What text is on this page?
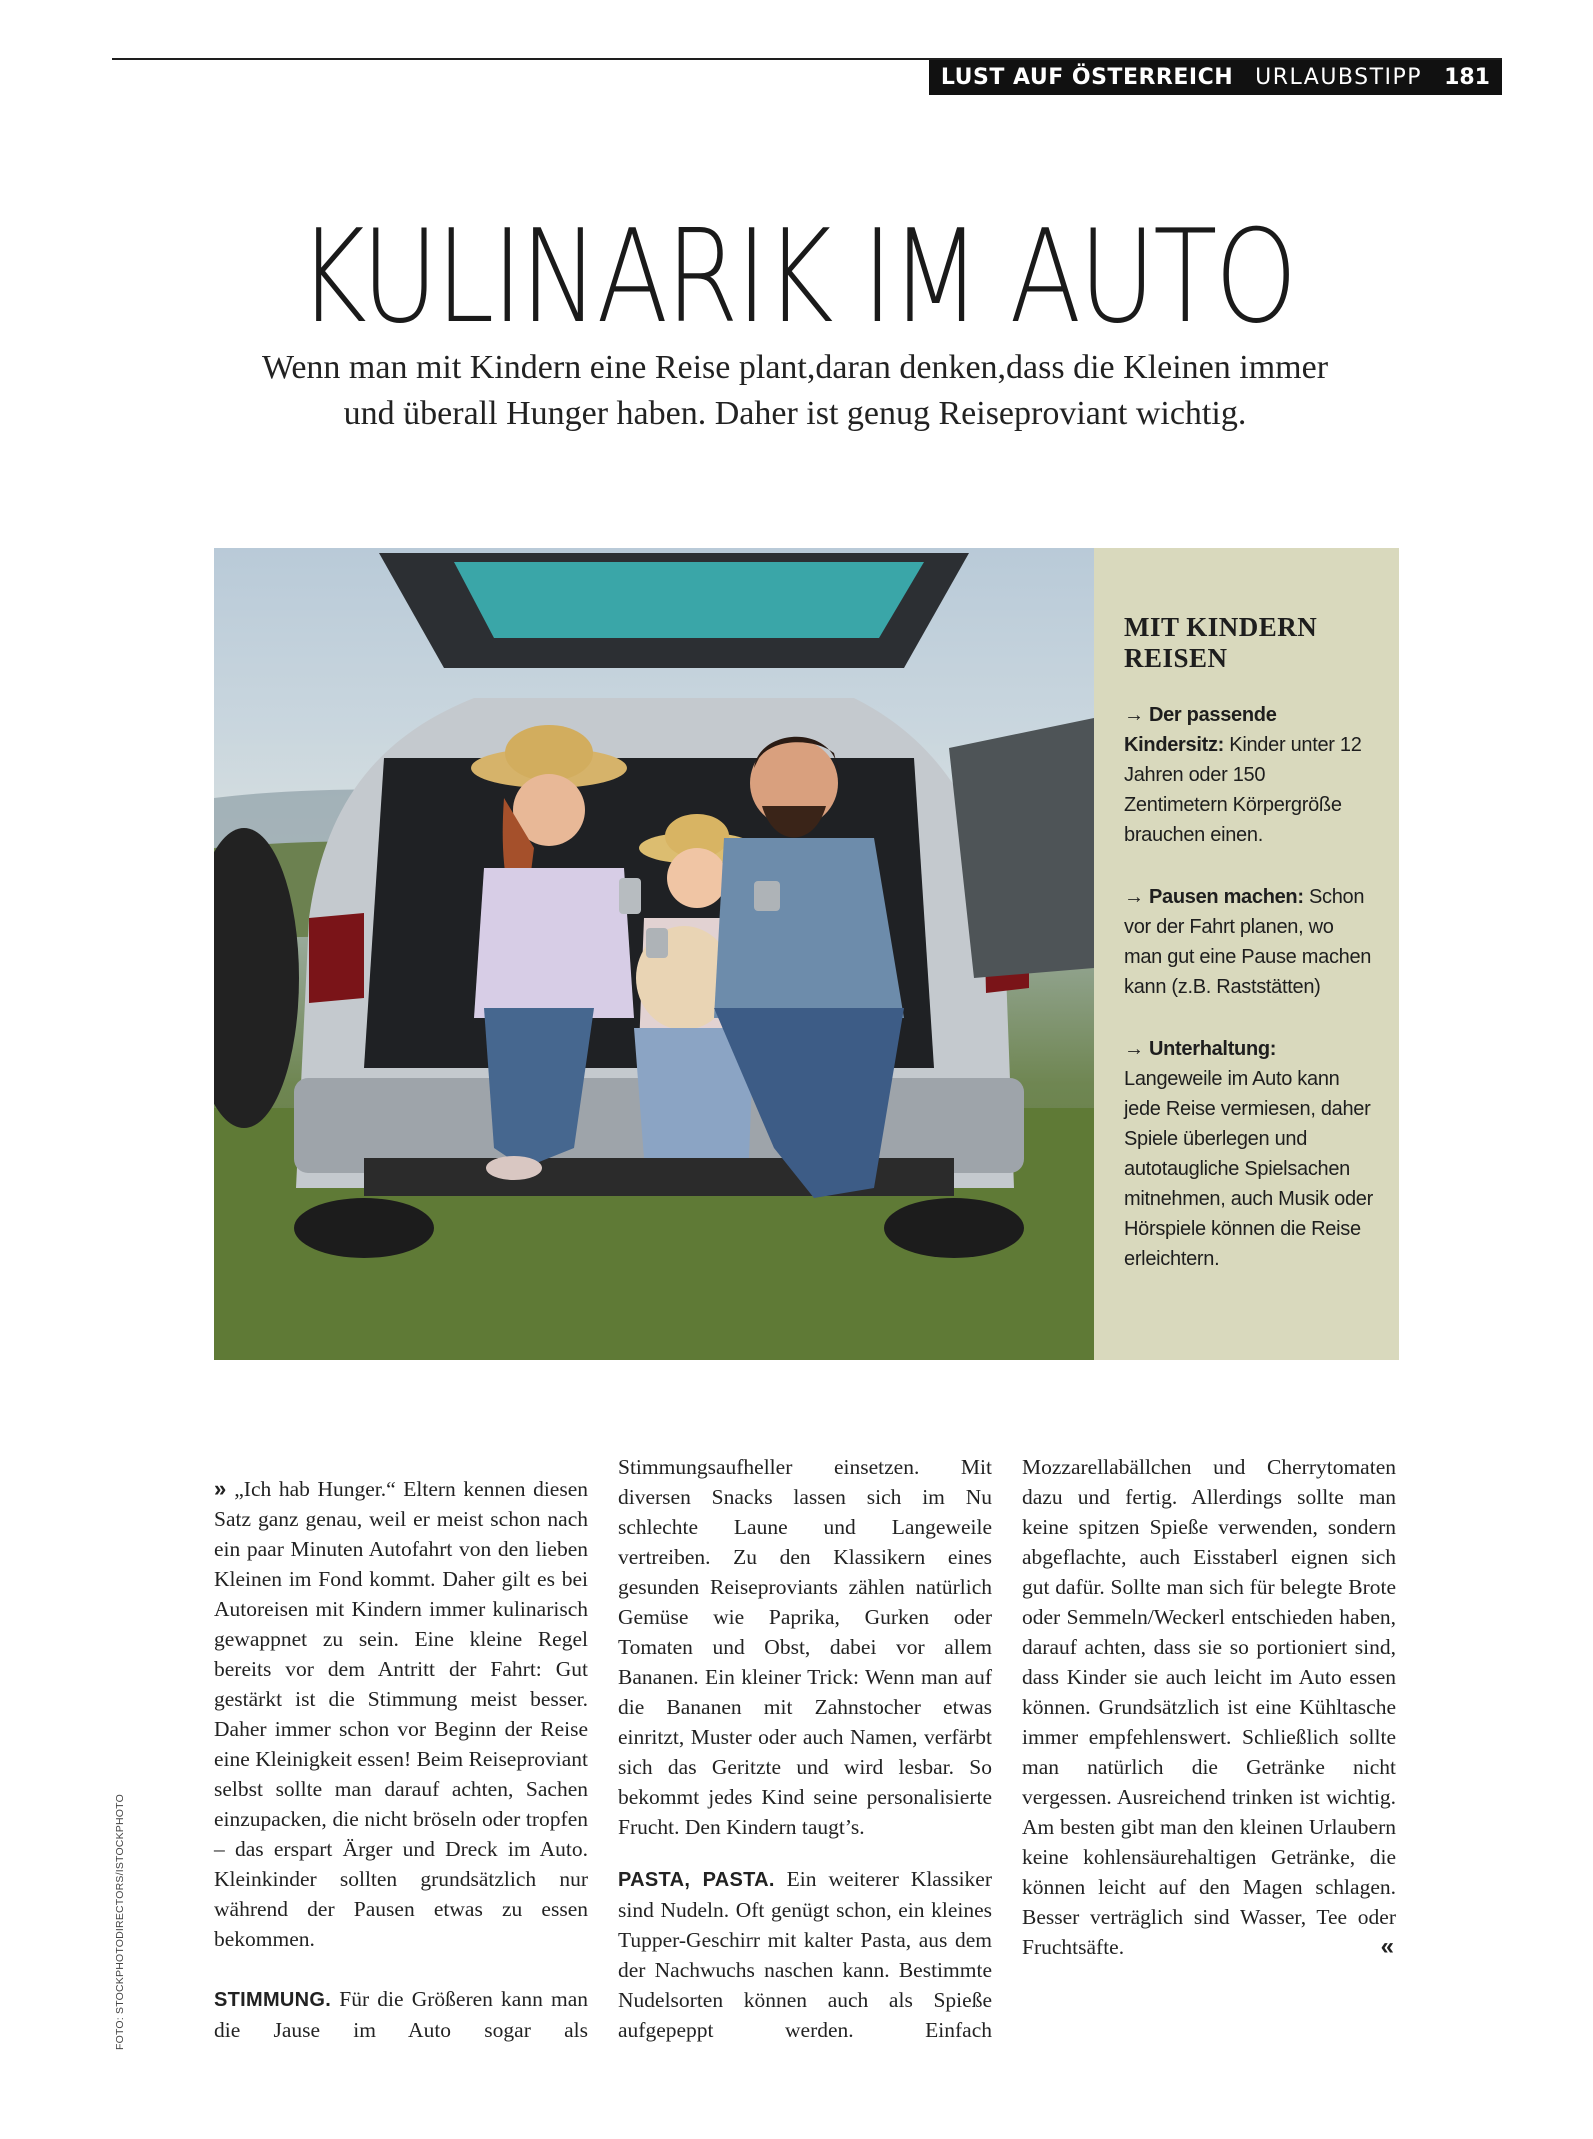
LUST AUF ÖSTERREICH URLAUBSTIPP 181
KULINARIK IM AUTO
Wenn man mit Kindern eine Reise plant,daran denken,dass die Kleinen immer
und überall Hunger haben. Daher ist genug Reiseproviant wichtig.
MIT KINDERN REISEN
→ Der passende Kindersitz: Kinder unter 12 Jahren oder 150 Zentimetern Körpergröße brauchen einen.
→ Pausen machen: Schon vor der Fahrt planen, wo man gut eine Pause machen kann (z.B. Raststätten)
→ Unterhaltung: Langeweile im Auto kann jede Reise vermiesen, daher Spiele überlegen und autotaugliche Spielsachen mitnehmen, auch Musik oder Hörspiele können die Reise erleichtern.
FOTO: STOCKPHOTODIRECTORS/ISTOCKPHOTO

» „Ich hab Hunger.“ Eltern kennen diesen Satz ganz genau, weil er meist schon nach ein paar Minuten Autofahrt von den lieben Kleinen im Fond kommt. Daher gilt es bei Autoreisen mit Kindern immer kulinarisch gewappnet zu sein. Eine kleine Regel bereits vor dem Antritt der Fahrt: Gut gestärkt ist die Stimmung meist besser. Daher immer schon vor Beginn der Reise eine Kleinigkeit essen! Beim Reiseproviant selbst sollte man darauf achten, Sachen einzupacken, die nicht bröseln oder tropfen – das erspart Ärger und Dreck im Auto. Kleinkinder sollten grundsätzlich nur während der Pausen etwas zu essen bekommen.

STIMMUNG. Für die Größeren kann man die Jause im Auto sogar als Stimmungsaufheller einsetzen. Mit diversen Snacks lassen sich im Nu schlechte Laune und Langeweile vertreiben. Zu den Klassikern eines gesunden Reiseproviants zählen natürlich Gemüse wie Paprika, Gurken oder Tomaten und Obst, dabei vor allem Bananen. Ein kleiner Trick: Wenn man auf die Bananen mit Zahnstocher etwas einritzt, Muster oder auch Namen, verfärbt sich das Geritzte und wird lesbar. So bekommt jedes Kind seine personalisierte Frucht. Den Kindern taugt’s.

PASTA, PASTA. Ein weiterer Klassiker sind Nudeln. Oft genügt schon, ein kleines Tupper-Geschirr mit kalter Pasta, aus dem der Nachwuchs naschen kann. Bestimmte Nudelsorten können auch als Spieße aufgepeppt werden. Einfach Mozzarellabällchen und Cherrytomaten dazu und fertig. Allerdings sollte man keine spitzen Spieße verwenden, sondern abgeflachte, auch Eisstaberl eignen sich gut dafür. Sollte man sich für belegte Brote oder Semmeln/Weckerl entschieden haben, darauf achten, dass sie so portioniert sind, dass Kinder sie auch leicht im Auto essen können. Grundsätzlich ist eine Kühltasche immer empfehlenswert. Schließlich sollte man natürlich die Getränke nicht vergessen. Ausreichend trinken ist wichtig. Am besten gibt man den kleinen Urlaubern keine kohlensäurehaltigen Getränke, die können leicht auf den Magen schlagen. Besser verträglich sind Wasser, Tee oder Fruchtsäfte.	«
